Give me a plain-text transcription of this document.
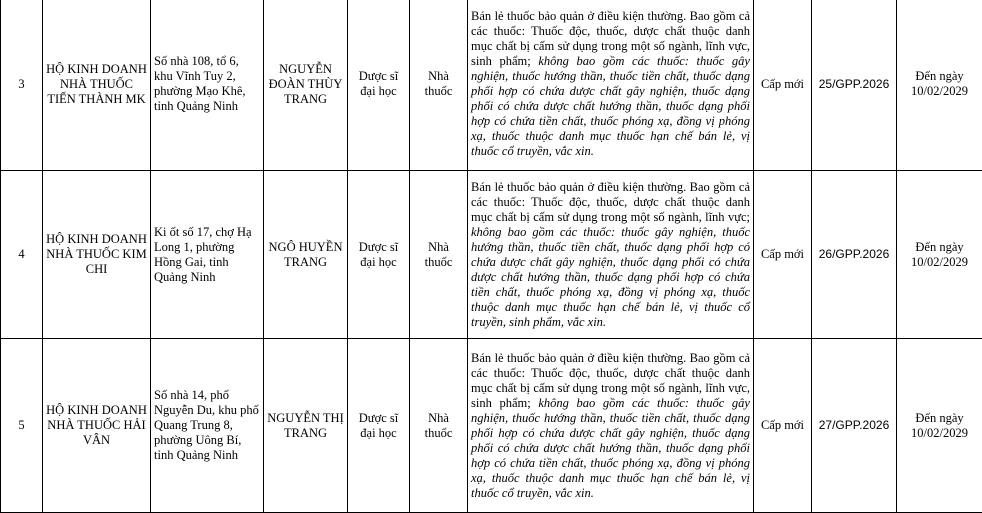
3	HỘ KINH DOANH NHÀ THUỐC TIẾN THÀNH MK	Số nhà 108, tổ 6, khu Vĩnh Tuy 2, phường Mạo Khê, tỉnh Quảng Ninh	NGUYỄN ĐOÀN THÙY TRANG	Dược sĩ đại học	Nhà thuốc	Bán lẻ thuốc bảo quản ở điều kiện thường. Bao gồm cả các thuốc: Thuốc độc, thuốc, dược chất thuộc danh mục chất bị cấm sử dụng trong một số ngành, lĩnh vực, sinh phẩm; không bao gồm các thuốc: thuốc gây nghiện, thuốc hướng thần, thuốc tiền chất, thuốc dạng phối hợp có chứa dược chất gây nghiện, thuốc dạng phối có chứa dược chất hướng thần, thuốc dạng phối hợp có chứa tiền chất, thuốc phóng xạ, đồng vị phóng xạ, thuốc thuộc danh mục thuốc hạn chế bán lẻ, vị thuốc cổ truyền, vắc xin.	Cấp mới	25/GPP.2026	Đến ngày 10/02/2029
4	HỘ KINH DOANH NHÀ THUỐC KIM CHI	Ki ốt số 17, chợ Hạ Long 1, phường Hồng Gai, tỉnh Quảng Ninh	NGÔ HUYỀN TRANG	Dược sĩ đại học	Nhà thuốc	Bán lẻ thuốc bảo quản ở điều kiện thường. Bao gồm cả các thuốc: Thuốc độc, thuốc, dược chất thuộc danh mục chất bị cấm sử dụng trong một số ngành, lĩnh vực; không bao gồm các thuốc: thuốc gây nghiện, thuốc hướng thần, thuốc tiền chất, thuốc dạng phối hợp có chứa dược chất gây nghiện, thuốc dạng phối có chứa dược chất hướng thần, thuốc dạng phối hợp có chứa tiền chất, thuốc phóng xạ, đồng vị phóng xạ, thuốc thuộc danh mục thuốc hạn chế bán lẻ, vị thuốc cổ truyền, sinh phẩm, vắc xin.	Cấp mới	26/GPP.2026	Đến ngày 10/02/2029
5	HỘ KINH DOANH NHÀ THUỐC HẢI VÂN	Số nhà 14, phố Nguyễn Du, khu phố Quang Trung 8, phường Uông Bí, tỉnh Quảng Ninh	NGUYỄN THỊ TRANG	Dược sĩ đại học	Nhà thuốc	Bán lẻ thuốc bảo quản ở điều kiện thường. Bao gồm cả các thuốc: Thuốc độc, thuốc, dược chất thuộc danh mục chất bị cấm sử dụng trong một số ngành, lĩnh vực, sinh phẩm; không bao gồm các thuốc: thuốc gây nghiện, thuốc hướng thần, thuốc tiền chất, thuốc dạng phối hợp có chứa dược chất gây nghiện, thuốc dạng phối có chứa dược chất hướng thần, thuốc dạng phối hợp có chứa tiền chất, thuốc phóng xạ, đồng vị phóng xạ, thuốc thuộc danh mục thuốc hạn chế bán lẻ, vị thuốc cổ truyền, vắc xin.	Cấp mới	27/GPP.2026	Đến ngày 10/02/2029
